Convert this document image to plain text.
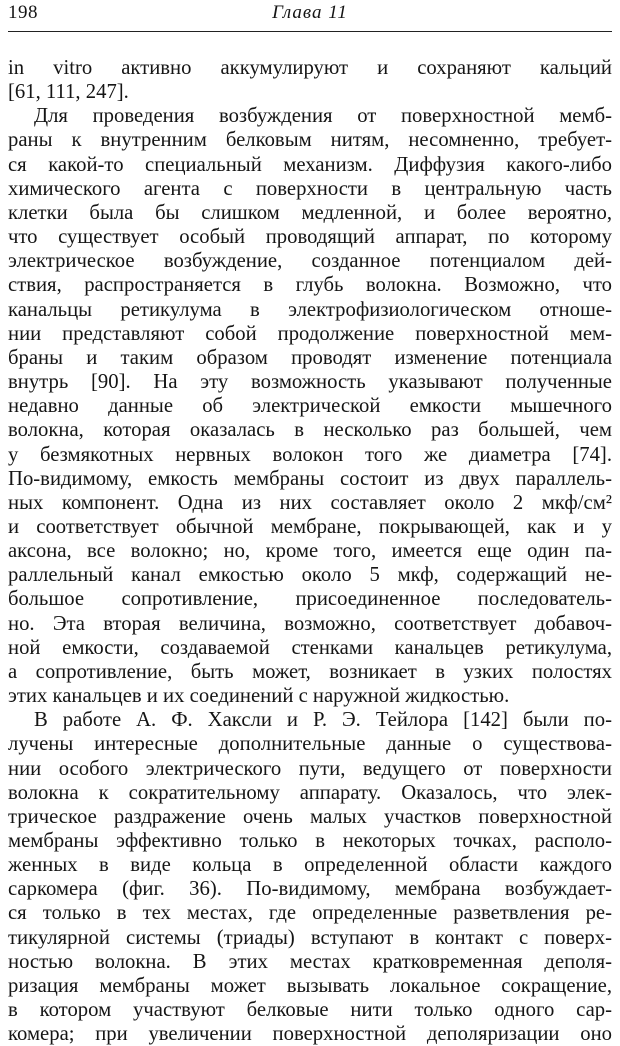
198	Глава 11
in vitro активно аккумулируют и сохраняют кальций
[61, 111, 247].
Для проведения возбуждения от поверхностной мемб-
раны к внутренним белковым нитям, несомненно, требует-
ся какой-то специальный механизм. Диффузия какого-либо
химического агента с поверхности в центральную часть
клетки была бы слишком медленной, и более вероятно,
что существует особый проводящий аппарат, по которому
электрическое возбуждение, созданное потенциалом дей-
ствия, распространяется в глубь волокна. Возможно, что
канальцы ретикулума в электрофизиологическом отноше-
нии представляют собой продолжение поверхностной мем-
браны и таким образом проводят изменение потенциала
внутрь [90]. На эту возможность указывают полученные
недавно данные об электрической емкости мышечного
волокна, которая оказалась в несколько раз большей, чем
у безмякотных нервных волокон того же диаметра [74].
По-видимому, емкость мембраны состоит из двух параллель-
ных компонент. Одна из них составляет около 2 мкф/см²
и соответствует обычной мембране, покрывающей, как и у
аксона, все волокно; но, кроме того, имеется еще один па-
раллельный канал емкостью около 5 мкф, содержащий не-
большое сопротивление, присоединенное последователь-
но. Эта вторая величина, возможно, соответствует добавоч-
ной емкости, создаваемой стенками канальцев ретикулума,
а сопротивление, быть может, возникает в узких полостях
этих канальцев и их соединений с наружной жидкостью.
В работе А. Ф. Хаксли и Р. Э. Тейлора [142] были по-
лучены интересные дополнительные данные о существова-
нии особого электрического пути, ведущего от поверхности
волокна к сократительному аппарату. Оказалось, что элек-
трическое раздражение очень малых участков поверхностной
мембраны эффективно только в некоторых точках, располо-
женных в виде кольца в определенной области каждого
саркомера (фиг. 36). По-видимому, мембрана возбуждает-
ся только в тех местах, где определенные разветвления ре-
тикулярной системы (триады) вступают в контакт с поверх-
ностью волокна. В этих местах кратковременная деполя-
ризация мембраны может вызывать локальное сокращение,
в котором участвуют белковые нити только одного сар-
комера; при увеличении поверхностной деполяризации оно
